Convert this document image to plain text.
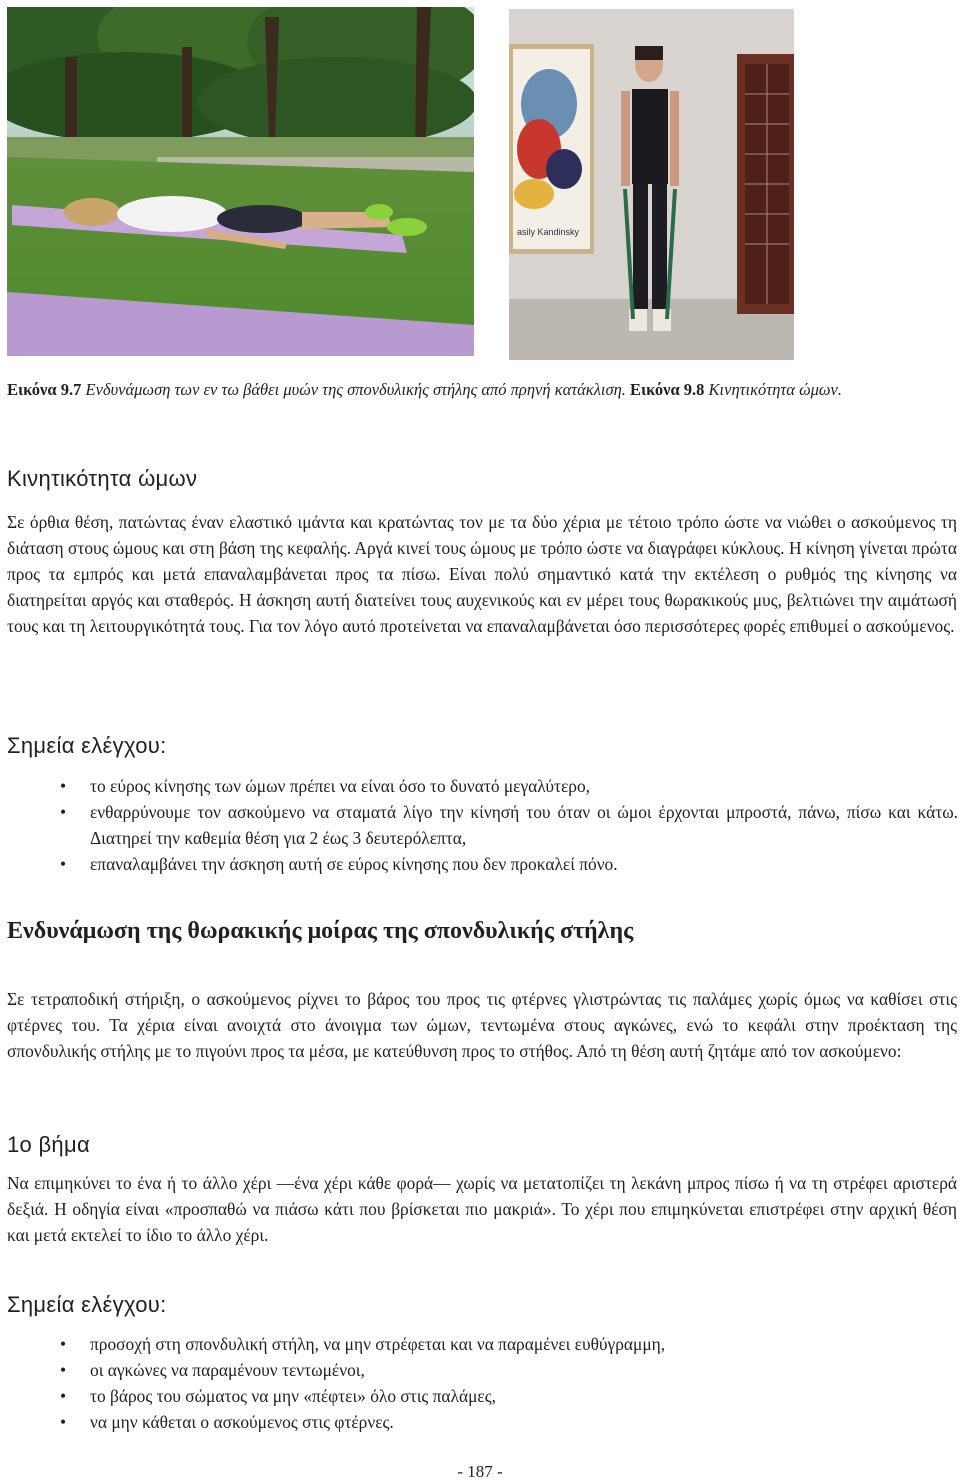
asily Kandinsky
Εικόνα 9.7 Ενδυνάμωση των εν τω βάθει μυών της σπονδυλικής στήλης από πρηνή κατάκλιση. Εικόνα 9.8 Κινητικότητα ώμων.
Κινητικότητα ώμων

Σε όρθια θέση, πατώντας έναν ελαστικό ιμάντα και κρατώντας τον με τα δύο χέρια με τέτοιο τρόπο ώστε να νιώθει ο ασκούμενος τη διάταση στους ώμους και στη βάση της κεφαλής. Αργά κινεί τους ώμους με τρόπο ώστε να διαγράφει κύκλους. Η κίνηση γίνεται πρώτα προς τα εμπρός και μετά επαναλαμβάνεται προς τα πίσω. Είναι πολύ σημαντικό κατά την εκτέλεση ο ρυθμός της κίνησης να διατηρείται αργός και σταθερός. Η άσκηση αυτή διατείνει τους αυχενικούς και εν μέρει τους θωρακικούς μυς, βελτιώνει την αιμάτωσή τους και τη λειτουργικότητά τους. Για τον λόγο αυτό προτείνεται να επαναλαμβάνεται όσο περισσότερες φορές επιθυμεί ο ασκούμενος.

Σημεία ελέγχου:
• το εύρος κίνησης των ώμων πρέπει να είναι όσο το δυνατό μεγαλύτερο,
• ενθαρρύνουμε τον ασκούμενο να σταματά λίγο την κίνησή του όταν οι ώμοι έρχονται μπροστά, πάνω, πίσω και κάτω. Διατηρεί την καθεμία θέση για 2 έως 3 δευτερόλεπτα,
• επαναλαμβάνει την άσκηση αυτή σε εύρος κίνησης που δεν προκαλεί πόνο.
Ενδυνάμωση της θωρακικής μοίρας της σπονδυλικής στήλης

Σε τετραποδική στήριξη, ο ασκούμενος ρίχνει το βάρος του προς τις φτέρνες γλιστρώντας τις παλάμες χωρίς όμως να καθίσει στις φτέρνες του. Τα χέρια είναι ανοιχτά στο άνοιγμα των ώμων, τεντωμένα στους αγκώνες, ενώ το κεφάλι στην προέκταση της σπονδυλικής στήλης με το πιγούνι προς τα μέσα, με κατεύθυνση προς το στήθος. Από τη θέση αυτή ζητάμε από τον ασκούμενο:

1ο βήμα

Να επιμηκύνει το ένα ή το άλλο χέρι —ένα χέρι κάθε φορά— χωρίς να μετατοπίζει τη λεκάνη μπρος πίσω ή να τη στρέφει αριστερά δεξιά. Η οδηγία είναι «προσπαθώ να πιάσω κάτι που βρίσκεται πιο μακριά». Το χέρι που επιμηκύνεται επιστρέφει στην αρχική θέση και μετά εκτελεί το ίδιο το άλλο χέρι.

Σημεία ελέγχου:
• προσοχή στη σπονδυλική στήλη, να μην στρέφεται και να παραμένει ευθύγραμμη,
• οι αγκώνες να παραμένουν τεντωμένοι,
• το βάρος του σώματος να μην «πέφτει» όλο στις παλάμες,
• να μην κάθεται ο ασκούμενος στις φτέρνες.
- 187 -
